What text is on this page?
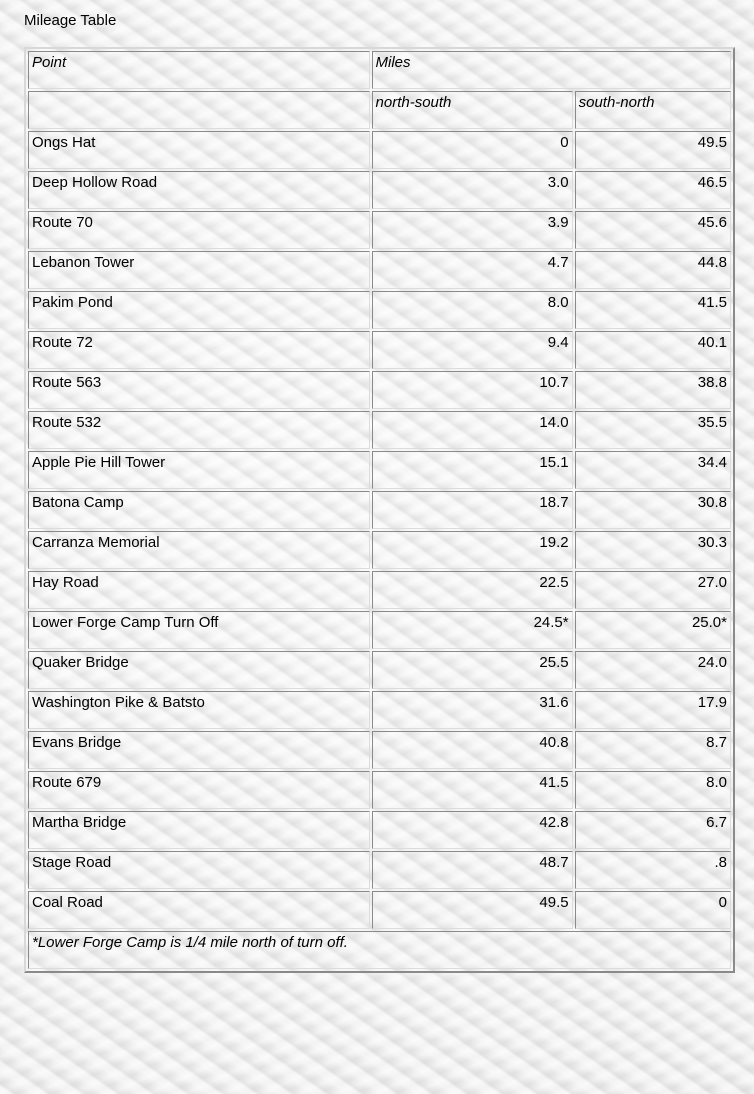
Mileage Table
Point	Miles	
	north-south	south-north
Ongs Hat	0	49.5
Deep Hollow Road	3.0	46.5
Route 70	3.9	45.6
Lebanon Tower	4.7	44.8
Pakim Pond	8.0	41.5
Route 72	9.4	40.1
Route 563	10.7	38.8
Route 532	14.0	35.5
Apple Pie Hill Tower	15.1	34.4
Batona Camp	18.7	30.8
Carranza Memorial	19.2	30.3
Hay Road	22.5	27.0
Lower Forge Camp Turn Off	24.5*	25.0*
Quaker Bridge	25.5	24.0
Washington Pike & Batsto	31.6	17.9
Evans Bridge	40.8	8.7
Route 679	41.5	8.0
Martha Bridge	42.8	6.7
Stage Road	48.7	.8
Coal Road	49.5	0
*Lower Forge Camp is 1/4 mile north of turn off.		
